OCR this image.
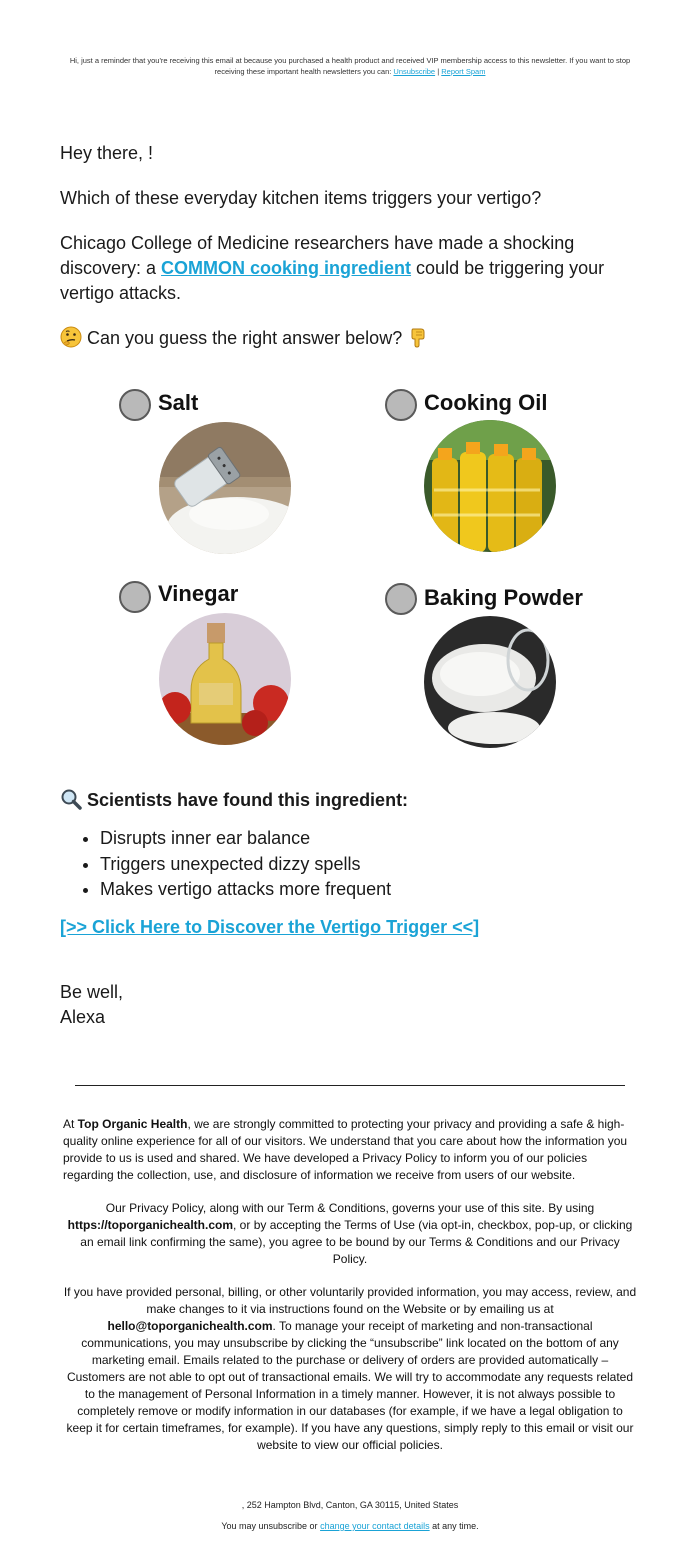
Hi, just a reminder that you're receiving this email at because you purchased a health product and received VIP membership access to this newsletter. If you want to stop receiving these important health newsletters you can: Unsubscribe | Report Spam

Hey there, !

Which of these everyday kitchen items triggers your vertigo?

Chicago College of Medicine researchers have made a shocking discovery: a COMMON cooking ingredient could be triggering your vertigo attacks.

Can you guess the right answer below?

Salt	Cooking Oil
Vinegar	Baking Powder
Scientists have found this ingredient:
• Disrupts inner ear balance
• Triggers unexpected dizzy spells
• Makes vertigo attacks more frequent
[>> Click Here to Discover the Vertigo Trigger <<]
Be well,
Alexa

At Top Organic Health, we are strongly committed to protecting your privacy and providing a safe & high-quality online experience for all of our visitors. We understand that you care about how the information you provide to us is used and shared. We have developed a Privacy Policy to inform you of our policies regarding the collection, use, and disclosure of information we receive from users of our website.

Our Privacy Policy, along with our Term & Conditions, governs your use of this site. By using https://toporganichealth.com, or by accepting the Terms of Use (via opt-in, checkbox, pop-up, or clicking an email link confirming the same), you agree to be bound by our Terms & Conditions and our Privacy Policy.

If you have provided personal, billing, or other voluntarily provided information, you may access, review, and make changes to it via instructions found on the Website or by emailing us at hello@toporganichealth.com. To manage your receipt of marketing and non-transactional communications, you may unsubscribe by clicking the “unsubscribe” link located on the bottom of any marketing email. Emails related to the purchase or delivery of orders are provided automatically – Customers are not able to opt out of transactional emails. We will try to accommodate any requests related to the management of Personal Information in a timely manner. However, it is not always possible to completely remove or modify information in our databases (for example, if we have a legal obligation to keep it for certain timeframes, for example). If you have any questions, simply reply to this email or visit our website to view our official policies.

, 252 Hampton Blvd, Canton, GA 30115, United States
You may unsubscribe or change your contact details at any time.
